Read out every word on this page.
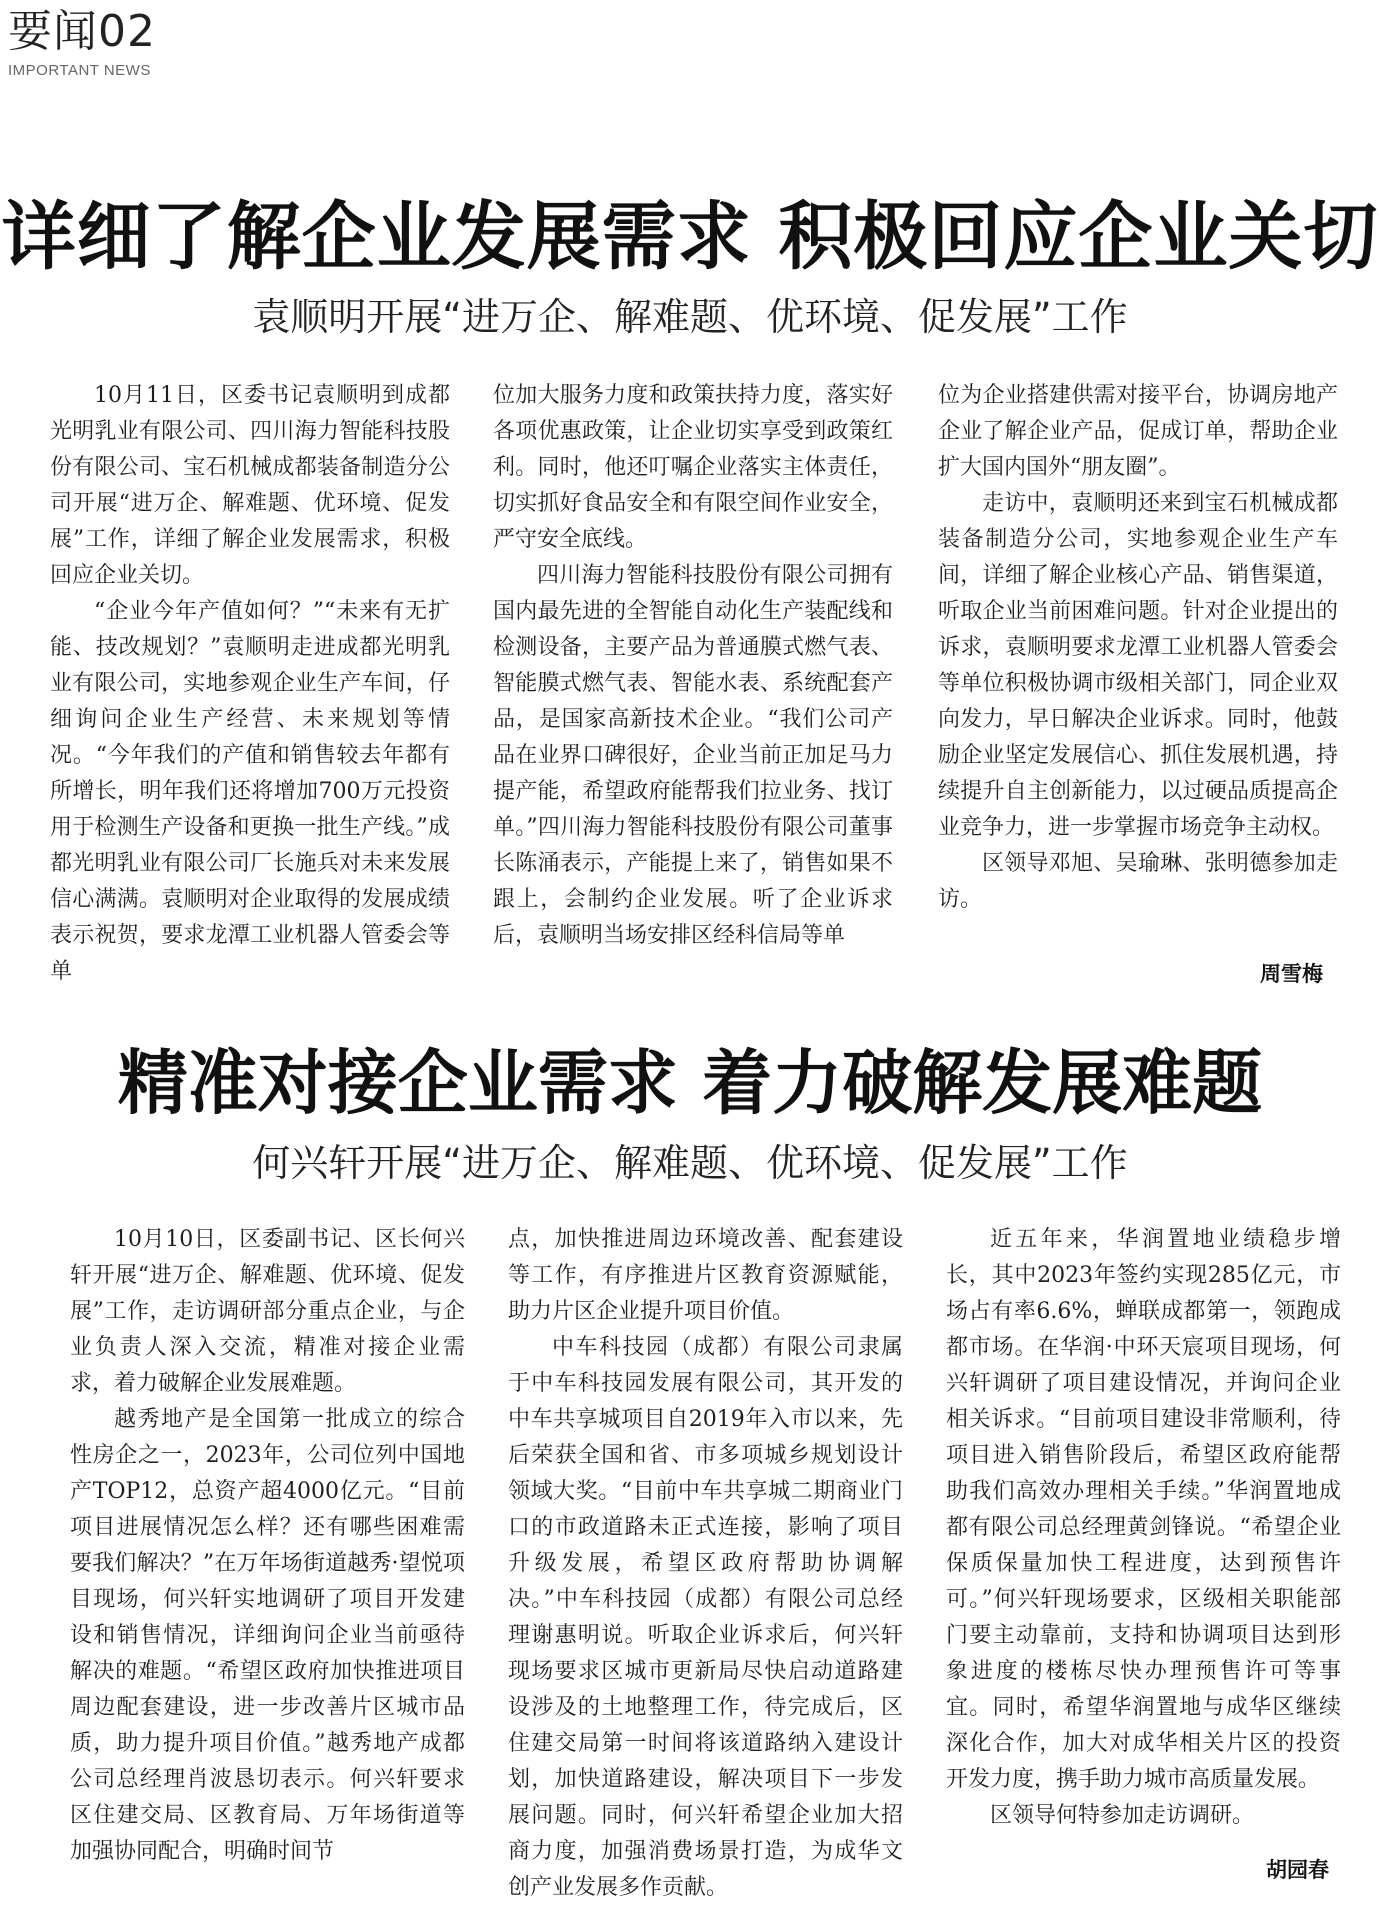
要闻02
IMPORTANT NEWS
详细了解企业发展需求 积极回应企业关切
袁顺明开展“进万企、解难题、优环境、促发展”工作

10月11日，区委书记袁顺明到成都光明乳业有限公司、四川海力智能科技股份有限公司、宝石机械成都装备制造分公司开展“进万企、解难题、优环境、促发展”工作，详细了解企业发展需求，积极回应企业关切。

“企业今年产值如何？”“未来有无扩能、技改规划？”袁顺明走进成都光明乳业有限公司，实地参观企业生产车间，仔细询问企业生产经营、未来规划等情况。“今年我们的产值和销售较去年都有所增长，明年我们还将增加700万元投资用于检测生产设备和更换一批生产线。”成都光明乳业有限公司厂长施兵对未来发展信心满满。袁顺明对企业取得的发展成绩表示祝贺，要求龙潭工业机器人管委会等单

位加大服务力度和政策扶持力度，落实好各项优惠政策，让企业切实享受到政策红利。同时，他还叮嘱企业落实主体责任，切实抓好食品安全和有限空间作业安全，严守安全底线。

四川海力智能科技股份有限公司拥有国内最先进的全智能自动化生产装配线和检测设备，主要产品为普通膜式燃气表、智能膜式燃气表、智能水表、系统配套产品，是国家高新技术企业。“我们公司产品在业界口碑很好，企业当前正加足马力提产能，希望政府能帮我们拉业务、找订单。”四川海力智能科技股份有限公司董事长陈涌表示，产能提上来了，销售如果不跟上，会制约企业发展。听了企业诉求后，袁顺明当场安排区经科信局等单

位为企业搭建供需对接平台，协调房地产企业了解企业产品，促成订单，帮助企业扩大国内国外“朋友圈”。

走访中，袁顺明还来到宝石机械成都装备制造分公司，实地参观企业生产车间，详细了解企业核心产品、销售渠道，听取企业当前困难问题。针对企业提出的诉求，袁顺明要求龙潭工业机器人管委会等单位积极协调市级相关部门，同企业双向发力，早日解决企业诉求。同时，他鼓励企业坚定发展信心、抓住发展机遇，持续提升自主创新能力，以过硬品质提高企业竞争力，进一步掌握市场竞争主动权。

区领导邓旭、吴瑜琳、张明德参加走访。

周雪梅
精准对接企业需求 着力破解发展难题
何兴轩开展“进万企、解难题、优环境、促发展”工作

10月10日，区委副书记、区长何兴轩开展“进万企、解难题、优环境、促发展”工作，走访调研部分重点企业，与企业负责人深入交流，精准对接企业需求，着力破解企业发展难题。

越秀地产是全国第一批成立的综合性房企之一，2023年，公司位列中国地产TOP12，总资产超4000亿元。“目前项目进展情况怎么样？还有哪些困难需要我们解决？”在万年场街道越秀·望悦项目现场，何兴轩实地调研了项目开发建设和销售情况，详细询问企业当前亟待解决的难题。“希望区政府加快推进项目周边配套建设，进一步改善片区城市品质，助力提升项目价值。”越秀地产成都公司总经理肖波恳切表示。何兴轩要求区住建交局、区教育局、万年场街道等加强协同配合，明确时间节

点，加快推进周边环境改善、配套建设等工作，有序推进片区教育资源赋能，助力片区企业提升项目价值。

中车科技园（成都）有限公司隶属于中车科技园发展有限公司，其开发的中车共享城项目自2019年入市以来，先后荣获全国和省、市多项城乡规划设计领域大奖。“目前中车共享城二期商业门口的市政道路未正式连接，影响了项目升级发展，希望区政府帮助协调解决。”中车科技园（成都）有限公司总经理谢惠明说。听取企业诉求后，何兴轩现场要求区城市更新局尽快启动道路建设涉及的土地整理工作，待完成后，区住建交局第一时间将该道路纳入建设计划，加快道路建设，解决项目下一步发展问题。同时，何兴轩希望企业加大招商力度，加强消费场景打造，为成华文创产业发展多作贡献。

近五年来，华润置地业绩稳步增长，其中2023年签约实现285亿元，市场占有率6.6%，蝉联成都第一，领跑成都市场。在华润·中环天宸项目现场，何兴轩调研了项目建设情况，并询问企业相关诉求。“目前项目建设非常顺利，待项目进入销售阶段后，希望区政府能帮助我们高效办理相关手续。”华润置地成都有限公司总经理黄剑锋说。“希望企业保质保量加快工程进度，达到预售许可。”何兴轩现场要求，区级相关职能部门要主动靠前，支持和协调项目达到形象进度的楼栋尽快办理预售许可等事宜。同时，希望华润置地与成华区继续深化合作，加大对成华相关片区的投资开发力度，携手助力城市高质量发展。

区领导何特参加走访调研。

胡园春
